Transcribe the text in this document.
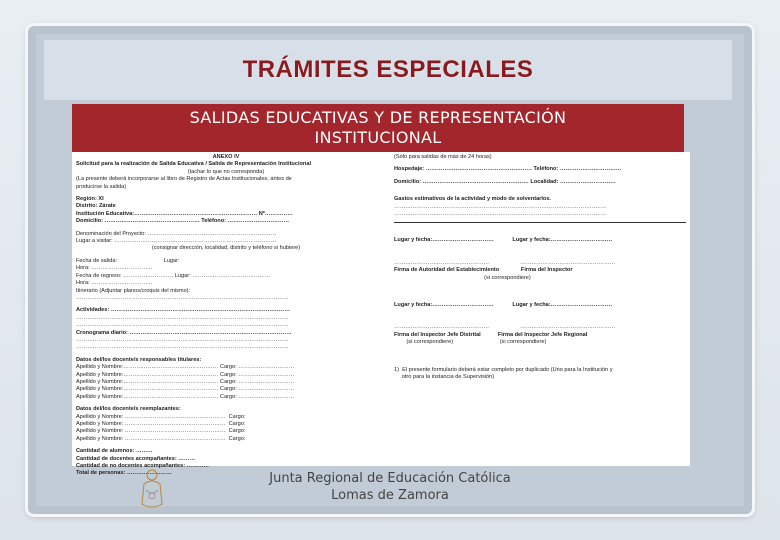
TRÁMITES ESPECIALES
SALIDAS EDUCATIVAS Y DE REPRESENTACIÓN
INSTITUCIONAL
ANEXO IV
Solicitud para la realización de Salida Educativa / Salida de Representación Institucional
(tachar lo que no corresponda)
(La presente deberá incorporarse al libro de Registro de Actas Institucionales, antes de
producirse la salida)
Región: XI
Distrito: Zárate
Institución Educativa:………………………………………………………… Nº……………
Domicilio: …………………………………………… Teléfono: ……………………………
Denominación del Proyecto: ……………………………………………………………
Lugar a visitar: ……………………………………………………………………………
(consignar dirección, localidad, distrito y teléfono si hubiere)
Fecha de salida:                              Lugar:
Hora: ……………………………
Fecha de regreso: ……………………… Lugar: ……………………………………
Hora: ……………………………
Itinerario (Adjuntar planos/croquis del mismo):
……………………………………………………………………………………………………
Actividades: ……………………………………………………………………………………
……………………………………………………………………………………………………
……………………………………………………………………………………………………
Cronograma diario: ……………………………………………………………………………
……………………………………………………………………………………………………
……………………………………………………………………………………………………
Datos del/los docente/s responsables titulares:
Apellido y Nombre:…………………………………………… Cargo: …………………………
Apellido y Nombre:…………………………………………… Cargo: …………………………
Apellido y Nombre:…………………………………………… Cargo: …………………………
Apellido y Nombre:…………………………………………… Cargo: …………………………
Apellido y Nombre:…………………………………………… Cargo: …………………………
Datos del/los docente/s reemplazantes:
Apellido y Nombre: ………………………………………………  Cargo:
Apellido y Nombre: ………………………………………………  Cargo:
Apellido y Nombre: ………………………………………………  Cargo:
Apellido y Nombre: ………………………………………………  Cargo:
Cantidad de alumnos: ………
Cantidad de docentes acompañantes: ………
Cantidad de no docentes acompañantes: …………
Total de personas: ……………………
(Sólo para salidas de más de 24 horas)
Hospedaje: ………………………………………………… Teléfono: ……………………………
Domicilio: ………………………………………………… Localidad: …………………………
Gastos estimativos de la actividad y modo de solventarlos.
……………………………………………………………………………………………………
……………………………………………………………………………………………………
Lugar y fecha:……………………………            Lugar y fecha:……………………………
……………………………………………                    ……………………………………………
Firma de Autoridad del Establecimiento              Firma del Inspector
(si correspondiere)
Lugar y fecha:……………………………            Lugar y fecha:……………………………
……………………………………………                    ……………………………………………
Firma del Inspector Jefe Distrital           Firma del Inspector Jefe Regional
(si correspondiere)                              (si correspondiere)
1)  El presente formulario deberá estar completo por duplicado (Uno para la Institución y
otro para la instancia de Supervisión)
Junta Regional de Educación Católica
Lomas de Zamora
